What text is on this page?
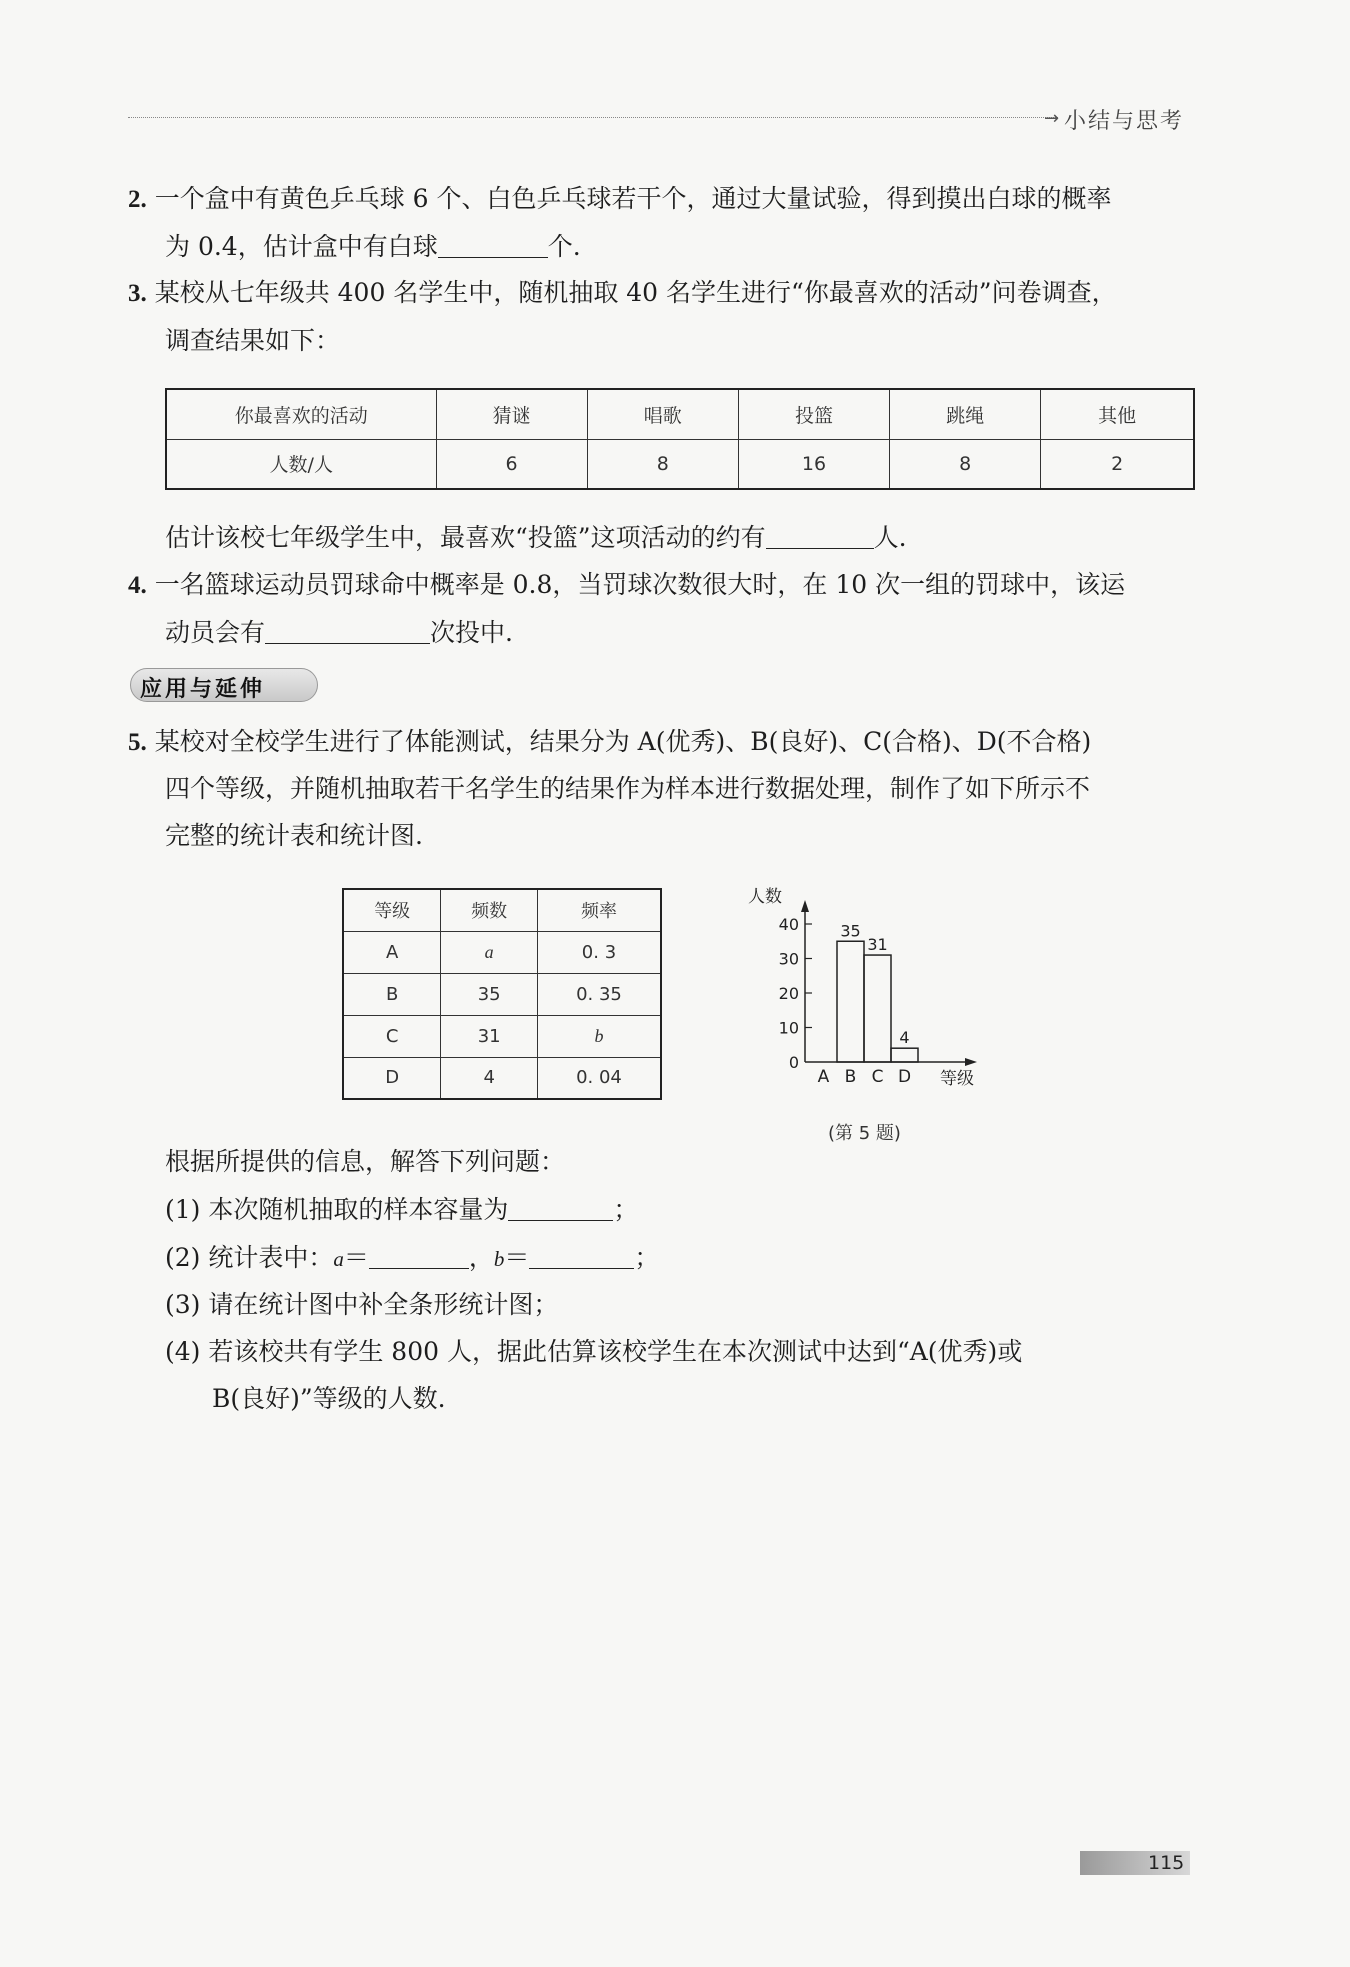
→ 小结与思考
2. 一个盒中有黄色乒乓球 6 个、白色乒乓球若干个，通过大量试验，得到摸出白球的概率
为 0.4，估计盒中有白球	个.
3. 某校从七年级共 400 名学生中，随机抽取 40 名学生进行“你最喜欢的活动”问卷调查，
调查结果如下：
你最喜欢的活动	猜谜	唱歌	投篮	跳绳	其他
人数/人	6	8	16	8	2
估计该校七年级学生中，最喜欢“投篮”这项活动的约有	人.
4. 一名篮球运动员罚球命中概率是 0.8，当罚球次数很大时，在 10 次一组的罚球中，该运
动员会有	次投中.
应用与延伸
5. 某校对全校学生进行了体能测试，结果分为 A(优秀)、B(良好)、C(合格)、D(不合格)
四个等级，并随机抽取若干名学生的结果作为样本进行数据处理，制作了如下所示不
完整的统计表和统计图.
等级	频数	频率
A	a	0. 3
B	35	0. 35
C	31	b
D	4	0. 04
人数
等级
0
10
20
30
40
A B C D
35
31
4
(第 5 题)
根据所提供的信息，解答下列问题：
(1) 本次随机抽取的样本容量为	；
(2) 统计表中：a＝	，b＝	；
(3) 请在统计图中补全条形统计图；
(4) 若该校共有学生 800 人，据此估算该校学生在本次测试中达到“A(优秀)或
B(良好)”等级的人数.
115
